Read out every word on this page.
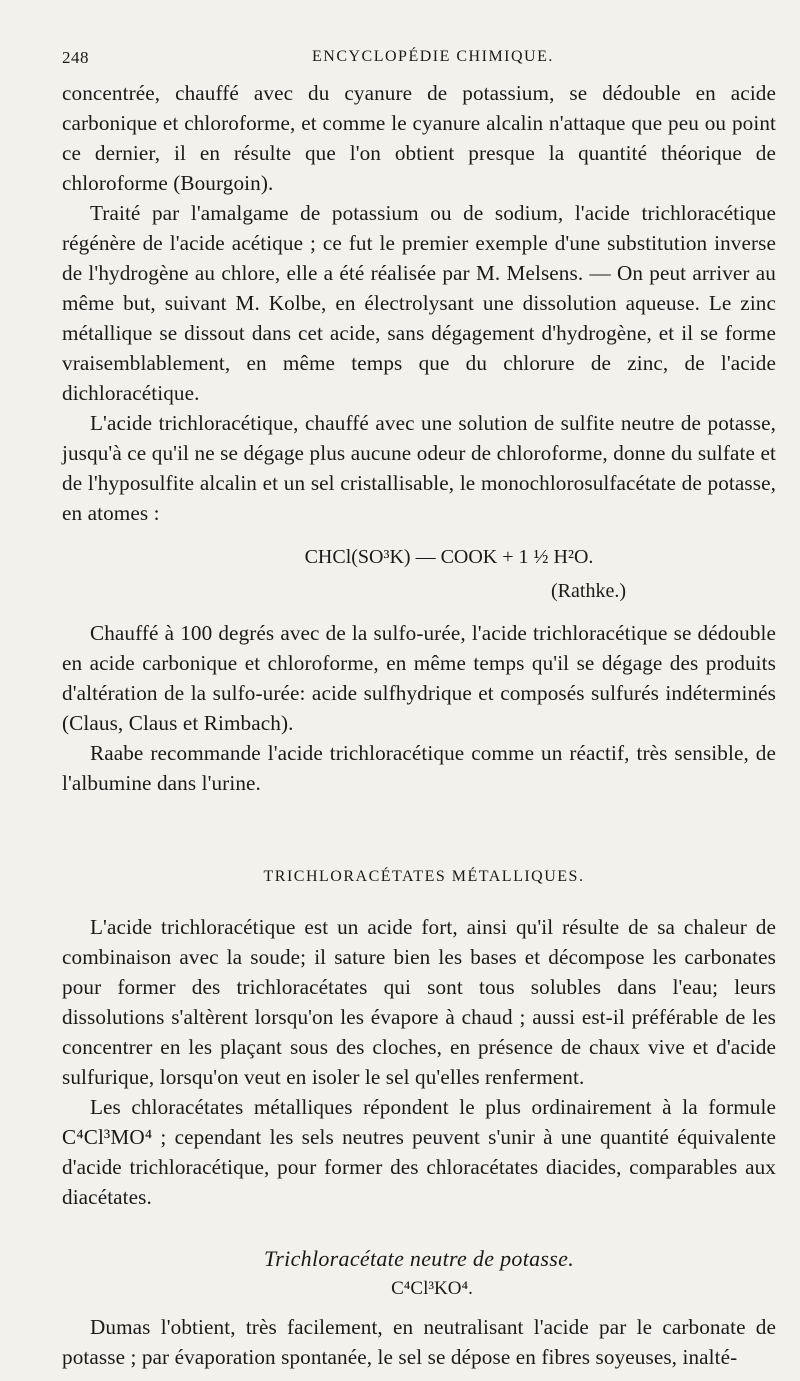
248	ENCYCLOPÉDIE CHIMIQUE.

concentrée, chauffé avec du cyanure de potassium, se dédouble en acide carbonique et chloroforme, et comme le cyanure alcalin n'attaque que peu ou point ce dernier, il en résulte que l'on obtient presque la quantité théorique de chloroforme (Bourgoin).

Traité par l'amalgame de potassium ou de sodium, l'acide trichloracétique régénère de l'acide acétique ; ce fut le premier exemple d'une substitution inverse de l'hydrogène au chlore, elle a été réalisée par M. Melsens. — On peut arriver au même but, suivant M. Kolbe, en électrolysant une dissolution aqueuse. Le zinc métallique se dissout dans cet acide, sans dégagement d'hydrogène, et il se forme vraisemblablement, en même temps que du chlorure de zinc, de l'acide dichloracétique.

L'acide trichloracétique, chauffé avec une solution de sulfite neutre de potasse, jusqu'à ce qu'il ne se dégage plus aucune odeur de chloroforme, donne du sulfate et de l'hyposulfite alcalin et un sel cristallisable, le monochlorosulfacétate de potasse, en atomes :

CHCl(SO³K) — COOK + 1 ½ H²O.
(Rathke.)

Chauffé à 100 degrés avec de la sulfo-urée, l'acide trichloracétique se dédouble en acide carbonique et chloroforme, en même temps qu'il se dégage des produits d'altération de la sulfo-urée: acide sulfhydrique et composés sulfurés indéterminés (Claus, Claus et Rimbach).

Raabe recommande l'acide trichloracétique comme un réactif, très sensible, de l'albumine dans l'urine.

TRICHLORACÉTATES MÉTALLIQUES.

L'acide trichloracétique est un acide fort, ainsi qu'il résulte de sa chaleur de combinaison avec la soude; il sature bien les bases et décompose les carbonates pour former des trichloracétates qui sont tous solubles dans l'eau; leurs dissolutions s'altèrent lorsqu'on les évapore à chaud ; aussi est-il préférable de les concentrer en les plaçant sous des cloches, en présence de chaux vive et d'acide sulfurique, lorsqu'on veut en isoler le sel qu'elles renferment.

Les chloracétates métalliques répondent le plus ordinairement à la formule C⁴Cl³MO⁴ ; cependant les sels neutres peuvent s'unir à une quantité équivalente d'acide trichloracétique, pour former des chloracétates diacides, comparables aux diacétates.

Trichloracétate neutre de potasse.
C⁴Cl³KO⁴.

Dumas l'obtient, très facilement, en neutralisant l'acide par le carbonate de potasse ; par évaporation spontanée, le sel se dépose en fibres soyeuses, inalté-
